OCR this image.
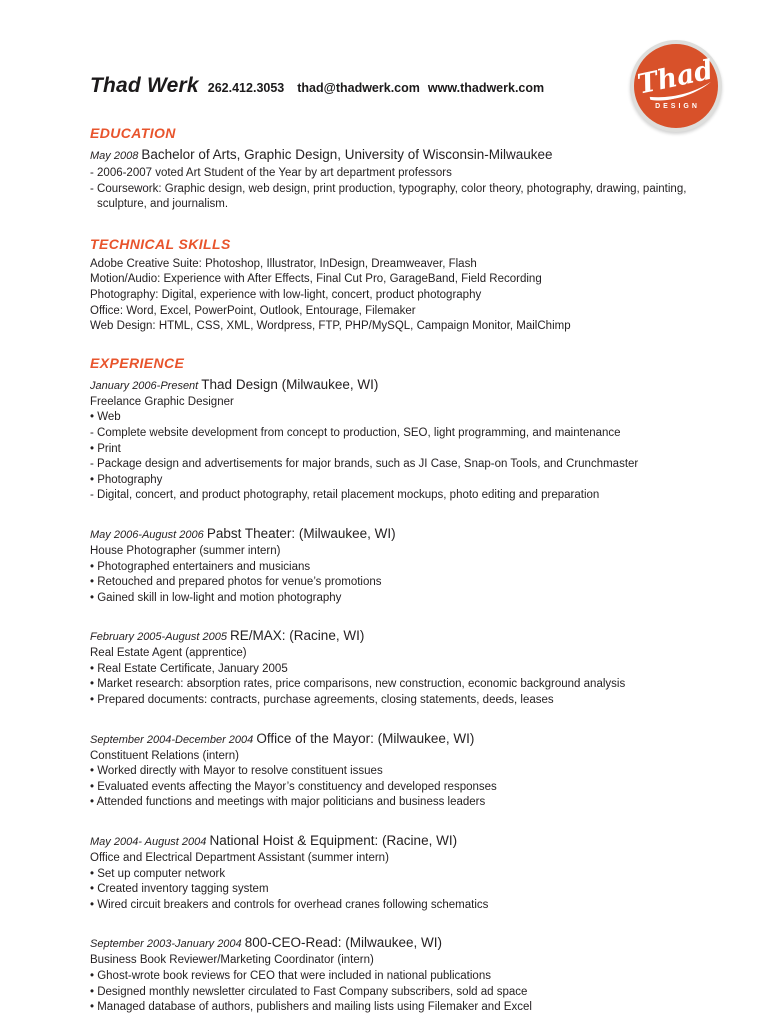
Thad
DESIGN
Thad Werk 262.412.3053 thad@thadwerk.com www.thadwerk.com
EDUCATION
May 2008 Bachelor of Arts, Graphic Design, University of Wisconsin-Milwaukee
- 2006-2007 voted Art Student of the Year by art department professors
- Coursework: Graphic design, web design, print production, typography, color theory, photography, drawing, painting, sculpture, and journalism.
TECHNICAL SKILLS
Adobe Creative Suite: Photoshop, Illustrator, InDesign, Dreamweaver, Flash
Motion/Audio: Experience with After Effects, Final Cut Pro, GarageBand, Field Recording
Photography: Digital, experience with low-light, concert, product photography
Office: Word, Excel, PowerPoint, Outlook, Entourage, Filemaker
Web Design: HTML, CSS, XML, Wordpress, FTP, PHP/MySQL, Campaign Monitor, MailChimp
EXPERIENCE
January 2006-Present Thad Design (Milwaukee, WI)
Freelance Graphic Designer
• Web
- Complete website development from concept to production, SEO, light programming, and maintenance
• Print
- Package design and advertisements for major brands, such as JI Case, Snap-on Tools, and Crunchmaster
• Photography
- Digital, concert, and product photography, retail placement mockups, photo editing and preparation
May 2006-August 2006 Pabst Theater: (Milwaukee, WI)
House Photographer (summer intern)
• Photographed entertainers and musicians
• Retouched and prepared photos for venue’s promotions
• Gained skill in low-light and motion photography
February 2005-August 2005 RE/MAX: (Racine, WI)
Real Estate Agent (apprentice)
• Real Estate Certificate, January 2005
• Market research: absorption rates, price comparisons, new construction, economic background analysis
• Prepared documents: contracts, purchase agreements, closing statements, deeds, leases
September 2004-December 2004 Office of the Mayor: (Milwaukee, WI)
Constituent Relations (intern)
• Worked directly with Mayor to resolve constituent issues
• Evaluated events affecting the Mayor’s constituency and developed responses
• Attended functions and meetings with major politicians and business leaders
May 2004- August 2004 National Hoist & Equipment: (Racine, WI)
Office and Electrical Department Assistant (summer intern)
• Set up computer network
• Created inventory tagging system
• Wired circuit breakers and controls for overhead cranes following schematics
September 2003-January 2004 800-CEO-Read: (Milwaukee, WI)
Business Book Reviewer/Marketing Coordinator (intern)
• Ghost-wrote book reviews for CEO that were included in national publications
• Designed monthly newsletter circulated to Fast Company subscribers, sold ad space
• Managed database of authors, publishers and mailing lists using Filemaker and Excel
